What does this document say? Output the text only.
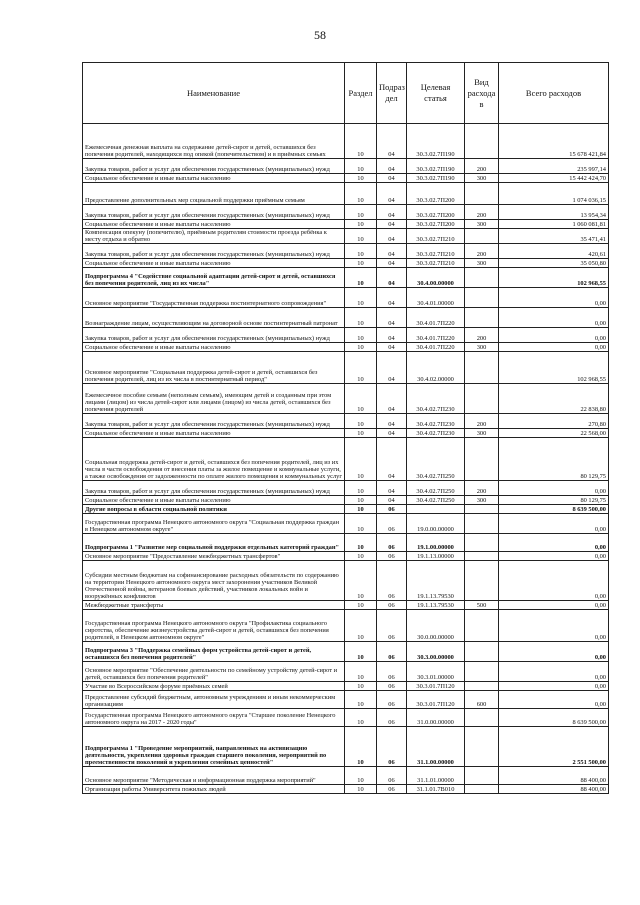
58
Наименование	Раздел	Подраз дел	Целевая статья	Вид расхода в	Всего расходов
Ежемесячная денежная выплата на содержание детей-сирот и детей, оставшихся без попечения родителей, находящихся под опекой (попечительством) и в приёмных семьях	10	04	30.3.02.7П190		15 678 421,84
Закупка товаров, работ и услуг для обеспечения государственных (муниципальных) нужд	10	04	30.3.02.7П190	200	235 997,14
Социальное обеспечение и иные выплаты населению	10	04	30.3.02.7П190	300	15 442 424,70
Предоставление дополнительных мер социальной поддержки приёмным семьям	10	04	30.3.02.7П200		1 074 036,15
Закупка товаров, работ и услуг для обеспечения государственных (муниципальных) нужд	10	04	30.3.02.7П200	200	13 954,34
Социальное обеспечение и иные выплаты населению	10	04	30.3.02.7П200	300	1 060 081,81
Компенсация опекуну (попечителю), приёмным родителям стоимости проезда ребёнка к месту отдыха и обратно	10	04	30.3.02.7П210		35 471,41
Закупка товаров, работ и услуг для обеспечения государственных (муниципальных) нужд	10	04	30.3.02.7П210	200	420,61
Социальное обеспечение и иные выплаты населению	10	04	30.3.02.7П210	300	35 050,80
Подпрограмма 4 "Содействие социальной адаптации детей-сирот и детей, оставшихся без попечения родителей, лиц из их числа"	10	04	30.4.00.00000		102 968,55
Основное мероприятие "Государственная поддержка постинтернатного сопровождения"	10	04	30.4.01.00000		0,00
Вознаграждение лицам, осуществляющим на договорной основе постинтернатный патронат	10	04	30.4.01.7П220		0,00
Закупка товаров, работ и услуг для обеспечения государственных (муниципальных) нужд	10	04	30.4.01.7П220	200	0,00
Социальное обеспечение и иные выплаты населению	10	04	30.4.01.7П220	300	0,00
Основное мероприятие "Социальная поддержка детей-сирот и детей, оставшихся без попечения родителей, лиц из их числа в постинтернатный период"	10	04	30.4.02.00000		102 968,55
Ежемесячное пособие семьям (неполным семьям), имеющим детей и созданным при этом лицами (лицом) из числа детей-сирот или лицами (лицом) из числа детей, оставшихся без попечения родителей	10	04	30.4.02.7П230		22 838,80
Закупка товаров, работ и услуг для обеспечения государственных (муниципальных) нужд	10	04	30.4.02.7П230	200	270,80
Социальное обеспечение и иные выплаты населению	10	04	30.4.02.7П230	300	22 568,00
Социальная поддержка детей-сирот и детей, оставшихся без попечения родителей, лиц из их числа в части освобождения от внесения платы за жилое помещение и коммунальные услуги, а также освобождения от задолженности по оплате жилого помещения и коммунальных услуг	10	04	30.4.02.7П250		80 129,75
Закупка товаров, работ и услуг для обеспечения государственных (муниципальных) нужд	10	04	30.4.02.7П250	200	0,00
Социальное обеспечение и иные выплаты населению	10	04	30.4.02.7П250	300	80 129,75
Другие вопросы в области социальной политики	10	06			8 639 500,00
Государственная программа Ненецкого автономного округа "Социальная поддержка граждан в Ненецком автономном округе"	10	06	19.0.00.00000		0,00
Подпрограмма 1 "Развитие мер социальной поддержки отдельных категорий граждан"	10	06	19.1.00.00000		0,00
Основное мероприятие "Предоставление межбюджетных трансфертов"	10	06	19.1.13.00000		0,00
Субсидии местным бюджетам на софинансирование расходных обязательств по содержанию на территории Ненецкого автономного округа мест захоронения участников Великой Отечественной войны, ветеранов боевых действий, участников локальных войн и вооружённых конфликтов	10	06	19.1.13.79530		0,00
Межбюджетные трансферты	10	06	19.1.13.79530	500	0,00
Государственная программа Ненецкого автономного округа "Профилактика социального сиротства, обеспечение жизнеустройства детей-сирот и детей, оставшихся без попечения родителей, в Ненецком автономном округе"	10	06	30.0.00.00000		0,00
Подпрограмма 3 "Поддержка семейных форм устройства детей-сирот и детей, оставшихся без попечения родителей"	10	06	30.3.00.00000		0,00
Основное мероприятие "Обеспечение деятельности по семейному устройству детей-сирот и детей, оставшихся без попечения родителей"	10	06	30.3.01.00000		0,00
Участие во Всероссийском форуме приёмных семей	10	06	30.3.01.7П120		0,00
Предоставление субсидий бюджетным, автономным учреждениям и иным некоммерческим организациям	10	06	30.3.01.7П120	600	0,00
Государственная программа Ненецкого автономного округа "Старшее поколение Ненецкого автономного округа на 2017 - 2020 годы"	10	06	31.0.00.00000		8 639 500,00
Подпрограмма 1 "Проведение мероприятий, направленных на активизацию деятельности, укрепления здоровья граждан старшего поколения, мероприятий по преемственности поколений и укрепления семейных ценностей"	10	06	31.1.00.00000		2 551 500,00
Основное мероприятие "Методическая и информационная поддержка мероприятий"	10	06	31.1.01.00000		88 400,00
Организация работы Университета пожилых людей	10	06	31.1.01.7В010		88 400,00
